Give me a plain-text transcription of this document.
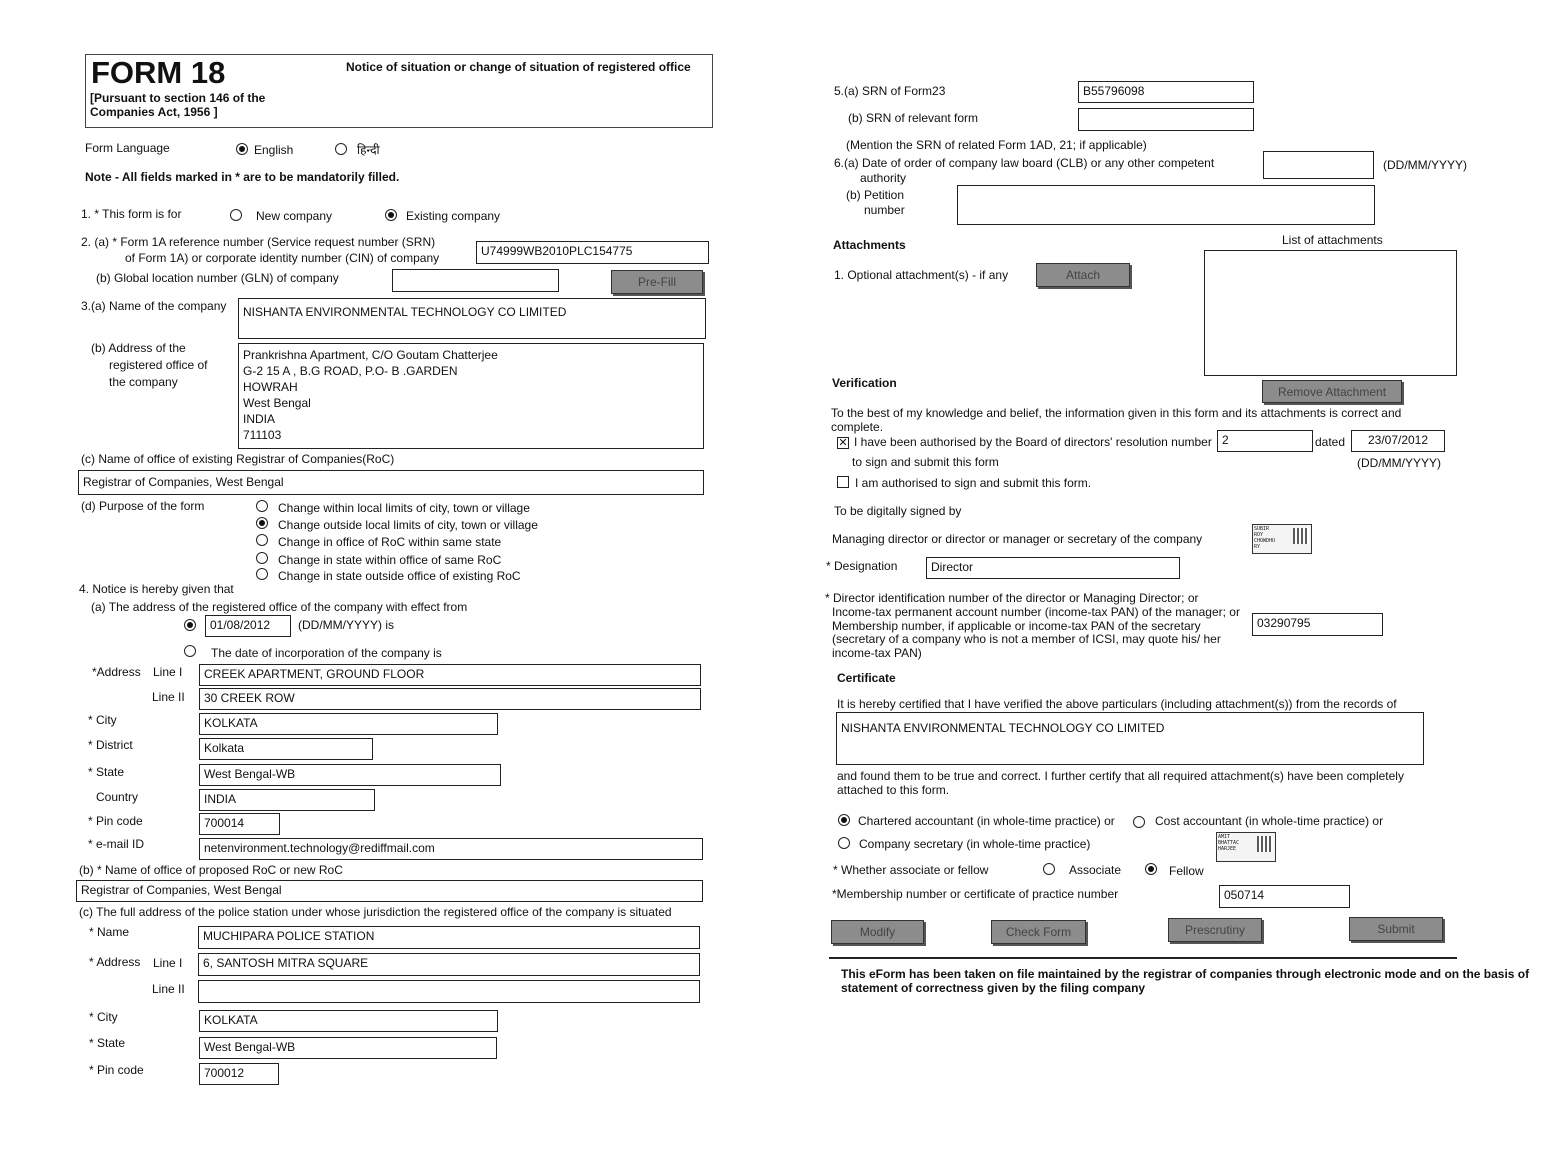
FORM 18	Notice of situation or change of situation of registered office
[Pursuant to section 146 of the
Companies Act, 1956 ]
Form Language	English	हिन्दी
Note - All fields marked in * are to be mandatorily filled.
1. * This form is for	New company	Existing company
2. (a) * Form 1A reference number (Service request number (SRN)
of Form 1A) or corporate identity number (CIN) of company	U74999WB2010PLC154775
(b) Global location number (GLN) of company	Pre-Fill
3.(a) Name of the company	NISHANTA ENVIRONMENTAL TECHNOLOGY CO LIMITED
(b) Address of the
registered office of
the company
Prankrishna Apartment, C/O Goutam Chatterjee
G-2 15 A , B.G ROAD, P.O- B .GARDEN
HOWRAH
West Bengal
INDIA
711103
(c) Name of office of existing Registrar of Companies(RoC)
Registrar of Companies, West Bengal
(d) Purpose of the form	Change within local limits of city, town or village
Change outside local limits of city, town or village
Change in office of RoC within same state
Change in state within office of same RoC
Change in state outside office of existing RoC
4. Notice is hereby given that
(a) The address of the registered office of the company with effect from
01/08/2012	(DD/MM/YYYY) is
The date of incorporation of the company is
*Address Line I	CREEK APARTMENT, GROUND FLOOR
Line II	30 CREEK ROW
* City	KOLKATA
* District	Kolkata
* State	West Bengal-WB
Country	INDIA
* Pin code	700014
* e-mail ID	netenvironment.technology@rediffmail.com
(b) * Name of office of proposed RoC or new RoC
Registrar of Companies, West Bengal
(c) The full address of the police station under whose jurisdiction the registered office of the company is situated
* Name	MUCHIPARA POLICE STATION
* Address Line I	6, SANTOSH MITRA SQUARE
Line II
* City	KOLKATA
* State	West Bengal-WB
* Pin code	700012
5.(a) SRN of Form23	B55796098
(b) SRN of relevant form
(Mention the SRN of related Form 1AD, 21; if applicable)
6.(a) Date of order of company law board (CLB) or any other competent
authority
(DD/MM/YYYY)
(b) Petition
number
Attachments	List of attachments
1. Optional attachment(s) - if any	Attach
Verification
Remove Attachment
To the best of my knowledge and belief, the information given in this form and its attachments is correct and
complete.
✕ I have been authorised by the Board of directors' resolution number 2	dated	23/07/2012
to sign and submit this form	(DD/MM/YYYY)
I am authorised to sign and submit this form.
To be digitally signed by
Managing director or director or manager or secretary of the company
SUBIR
ROY
CHOWDHU
RY
* Designation	Director
* Director identification number of the director or Managing Director; or
Income-tax permanent account number (income-tax PAN) of the manager; or
Membership number, if applicable or income-tax PAN of the secretary
(secretary of a company who is not a member of ICSI, may quote his/ her
income-tax PAN)
03290795
Certificate
It is hereby certified that I have verified the above particulars (including attachment(s)) from the records of
NISHANTA ENVIRONMENTAL TECHNOLOGY CO LIMITED
and found them to be true and correct. I further certify that all required attachment(s) have been completely
attached to this form.
Chartered accountant (in whole-time practice) or	Cost accountant (in whole-time practice) or
Company secretary (in whole-time practice)	AMIT
BHATTAC
HARJEE
* Whether associate or fellow	Associate	Fellow
*Membership number or certificate of practice number	050714
Modify	Check Form	Prescrutiny	Submit
This eForm has been taken on file maintained by the registrar of companies through electronic mode and on the basis of
statement of correctness given by the filing company
